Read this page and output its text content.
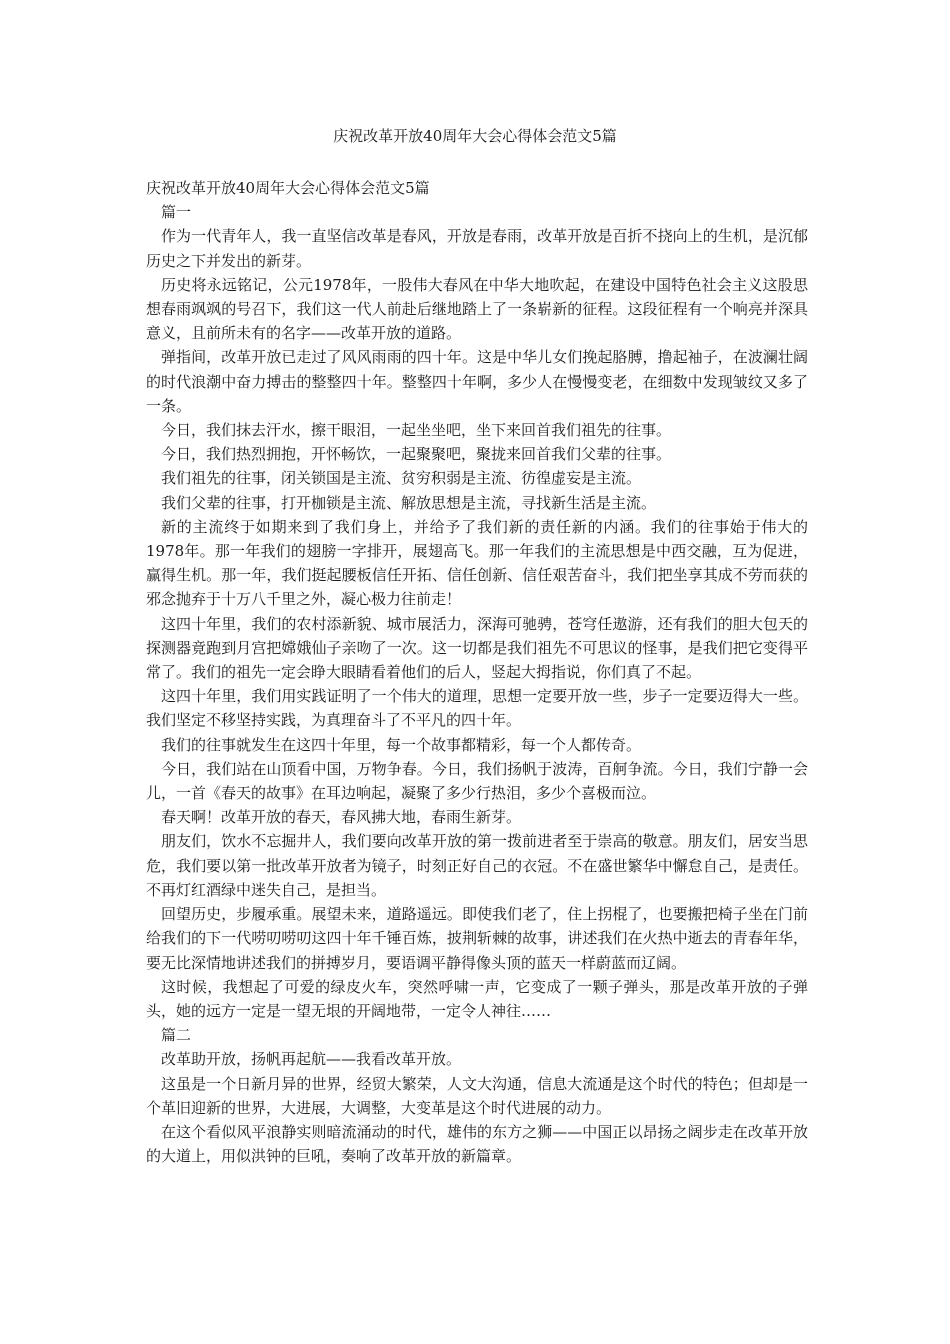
庆祝改革开放40周年大会心得体会范文5篇

庆祝改革开放40周年大会心得体会范文5篇

篇一

作为一代青年人，我一直坚信改革是春风，开放是春雨，改革开放是百折不挠向上的生机，是沉郁历史之下并发出的新芽。

历史将永远铭记，公元1978年，一股伟大春风在中华大地吹起，在建设中国特色社会主义这股思想春雨飒飒的号召下，我们这一代人前赴后继地踏上了一条崭新的征程。这段征程有一个响亮并深具意义，且前所未有的名字——改革开放的道路。

弹指间，改革开放已走过了风风雨雨的四十年。这是中华儿女们挽起胳膊，撸起袖子，在波澜壮阔的时代浪潮中奋力搏击的整整四十年。整整四十年啊，多少人在慢慢变老，在细数中发现皱纹又多了一条。

今日，我们抹去汗水，擦干眼泪，一起坐坐吧，坐下来回首我们祖先的往事。

今日，我们热烈拥抱，开怀畅饮，一起聚聚吧，聚拢来回首我们父辈的往事。

我们祖先的往事，闭关锁国是主流、贫穷积弱是主流、彷徨虚妄是主流。

我们父辈的往事，打开枷锁是主流、解放思想是主流，寻找新生活是主流。

新的主流终于如期来到了我们身上，并给予了我们新的责任新的内涵。我们的往事始于伟大的1978年。那一年我们的翅膀一字排开，展翅高飞。那一年我们的主流思想是中西交融，互为促进，赢得生机。那一年，我们挺起腰板信任开拓、信任创新、信任艰苦奋斗，我们把坐享其成不劳而获的邪念抛弃于十万八千里之外，凝心极力往前走！

这四十年里，我们的农村添新貌、城市展活力，深海可驰骋，苍穹任遨游，还有我们的胆大包天的探测器竟跑到月宫把嫦娥仙子亲吻了一次。这一切都是我们祖先不可思议的怪事，是我们把它变得平常了。我们的祖先一定会睁大眼睛看着他们的后人，竖起大拇指说，你们真了不起。

这四十年里，我们用实践证明了一个伟大的道理，思想一定要开放一些，步子一定要迈得大一些。我们坚定不移坚持实践，为真理奋斗了不平凡的四十年。

我们的往事就发生在这四十年里，每一个故事都精彩，每一个人都传奇。

今日，我们站在山顶看中国，万物争春。今日，我们扬帆于波涛，百舸争流。今日，我们宁静一会儿，一首《春天的故事》在耳边响起，凝聚了多少行热泪，多少个喜极而泣。

春天啊！改革开放的春天，春风拂大地，春雨生新芽。

朋友们，饮水不忘掘井人，我们要向改革开放的第一拨前进者至于崇高的敬意。朋友们，居安当思危，我们要以第一批改革开放者为镜子，时刻正好自己的衣冠。不在盛世繁华中懈怠自己，是责任。不再灯红酒绿中迷失自己，是担当。

回望历史，步履承重。展望未来，道路遥远。即使我们老了，住上拐棍了，也要搬把椅子坐在门前给我们的下一代唠叨唠叨这四十年千锤百炼，披荆斩棘的故事，讲述我们在火热中逝去的青春年华，要无比深情地讲述我们的拼搏岁月，要语调平静得像头顶的蓝天一样蔚蓝而辽阔。

这时候，我想起了可爱的绿皮火车，突然呼啸一声，它变成了一颗子弹头，那是改革开放的子弹头，她的远方一定是一望无垠的开阔地带，一定令人神往……

篇二

改革助开放，扬帆再起航——我看改革开放。

这虽是一个日新月异的世界，经贸大繁荣，人文大沟通，信息大流通是这个时代的特色；但却是一个革旧迎新的世界，大进展，大调整，大变革是这个时代进展的动力。

在这个看似风平浪静实则暗流涌动的时代，雄伟的东方之狮——中国正以昂扬之阔步走在改革开放的大道上，用似洪钟的巨吼，奏响了改革开放的新篇章。
